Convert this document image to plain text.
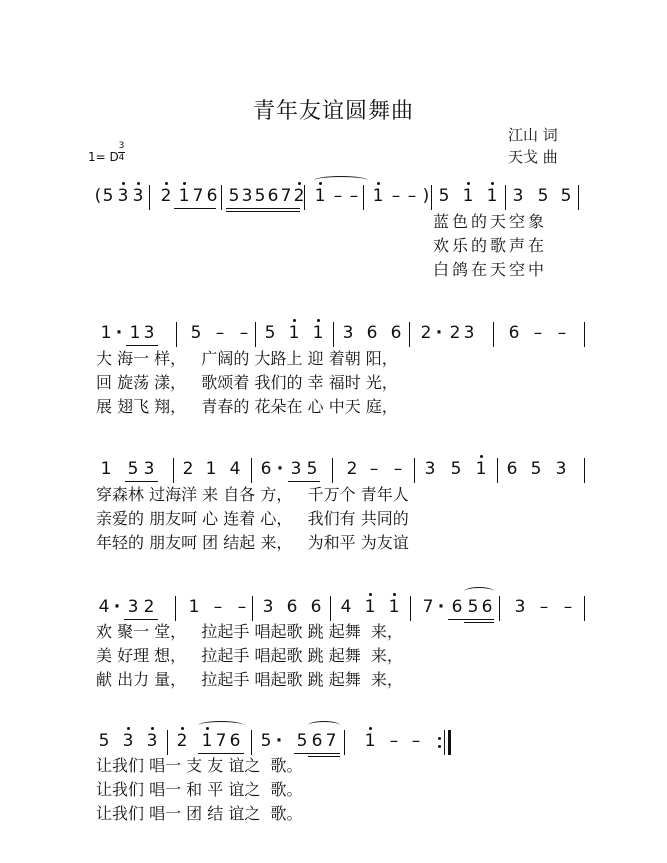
青年友谊圆舞曲
江山 词
天戈 曲
1= D
3
4
( 5 3 3 2 1 7 6 5 3 5 6 7 2 1 – – 1 – – ) 5 1 1 3 5 5
1 · 1 3 5 – – 5 1 1 3 6 6 2 · 2 3 6 – –
1 5 3 2 1 4 6 · 3 5 2 – – 3 5 1 6 5 3
4 · 3 2 1 – – 3 6 6 4 1 1 7 · 6 5 6 3 – –
5 3 3 2 1 7 6 5 · 5 6 7 1 – –
蓝色的天空象
欢乐的歌声在
白鸽在天空中
大 海一 样，   广阔的 大路上 迎 着朝 阳，
回 旋荡 漾，   歌颂着 我们的 幸 福时 光，
展 翅飞 翔，   青春的 花朵在 心 中天 庭，
穿森林 过海洋 来 自各 方，   千万个 青年人
亲爱的 朋友呵 心 连着 心，   我们有 共同的
年轻的 朋友呵 团 结起 来，   为和平 为友谊
欢 聚一 堂，   拉起手 唱起歌 跳 起舞  来，
美 好理 想，   拉起手 唱起歌 跳 起舞  来，
献 出力 量，   拉起手 唱起歌 跳 起舞  来，
让我们 唱一 支 友 谊之  歌。
让我们 唱一 和 平 谊之  歌。
让我们 唱一 团 结 谊之  歌。
